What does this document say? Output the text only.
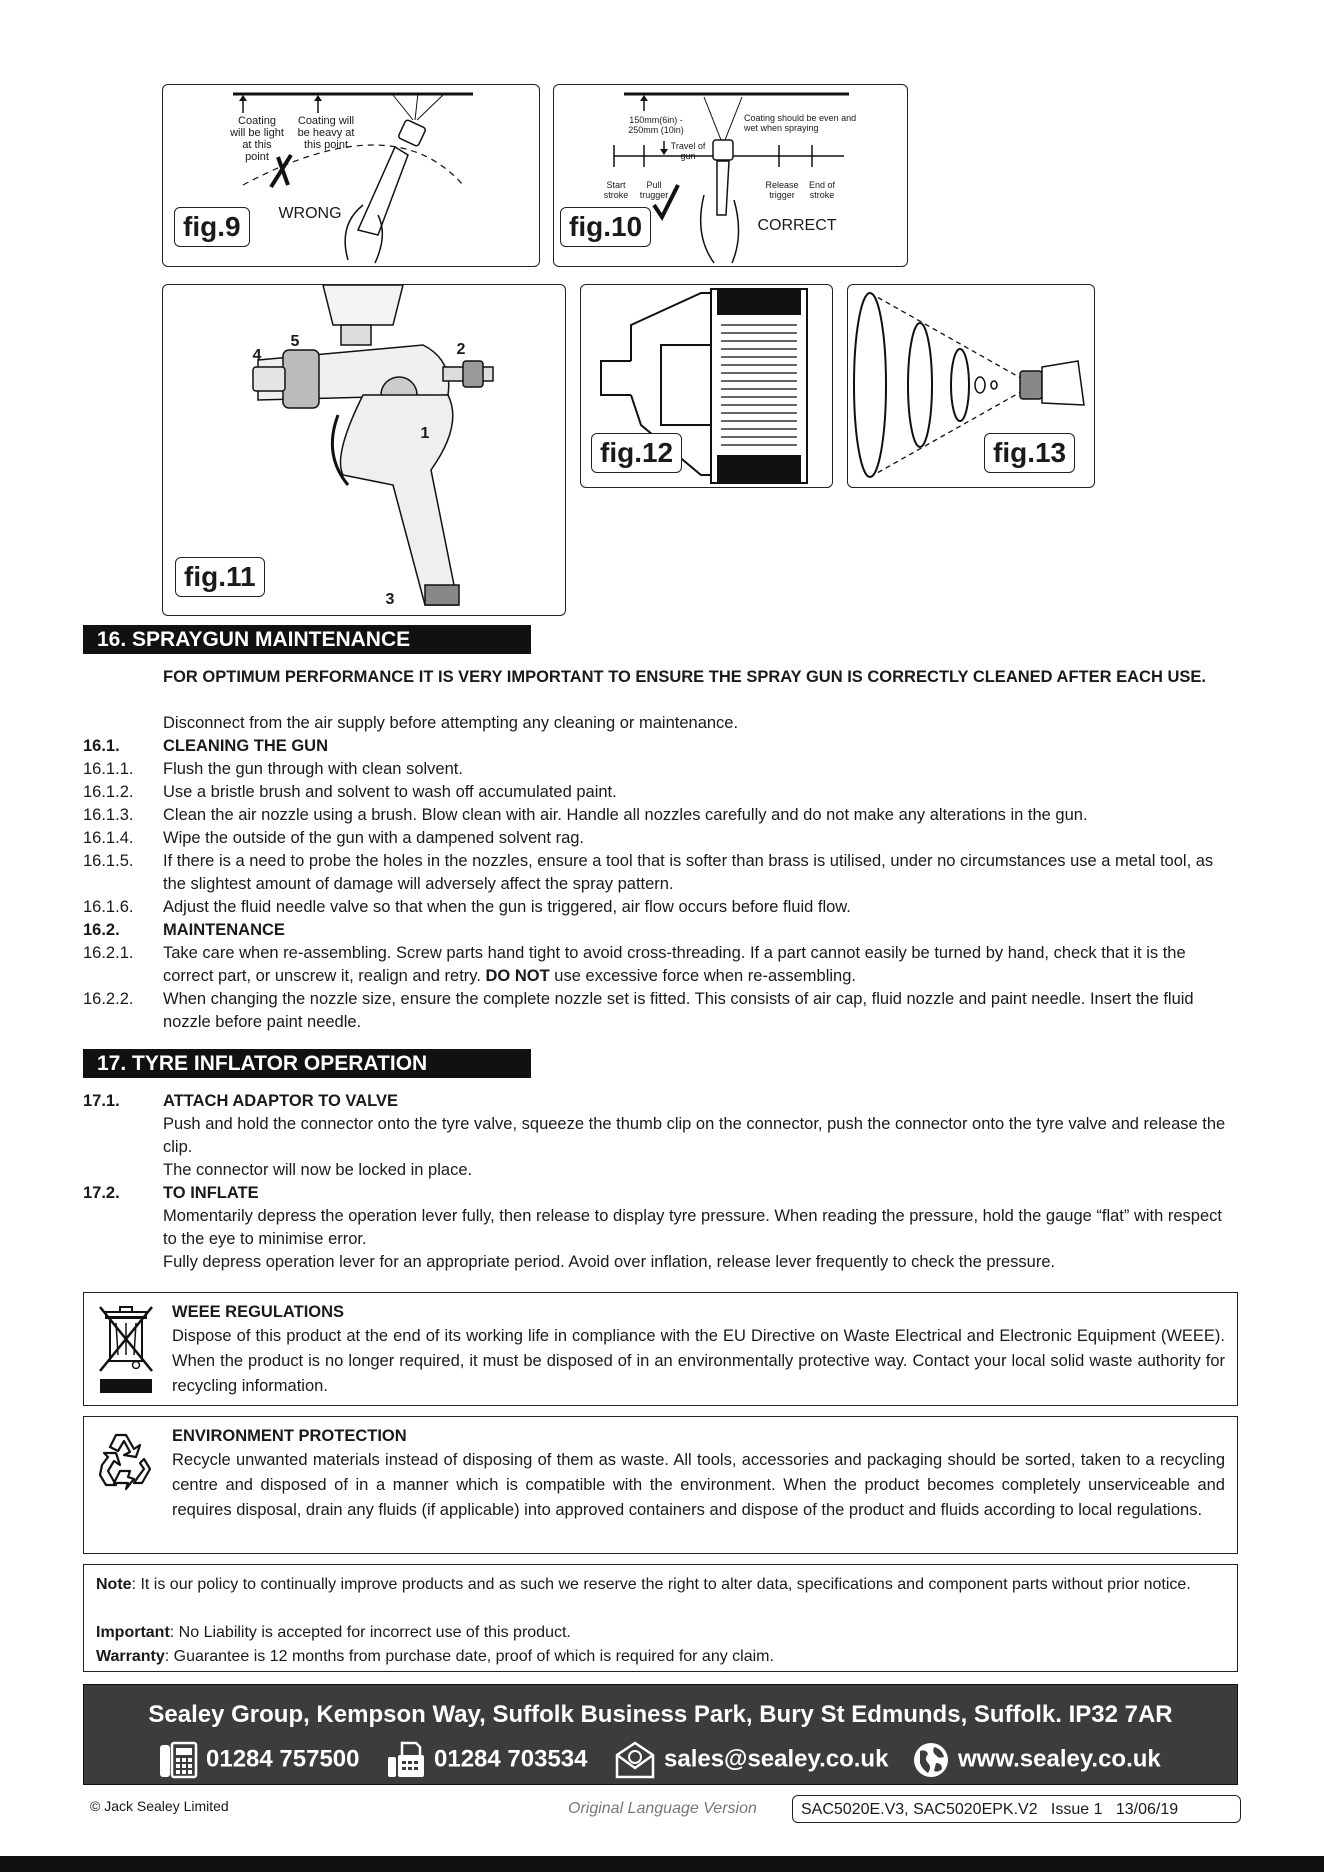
Coating will be light at this point
Coating will be heavy at this point
WRONG
fig.9
150mm(6in) - 250mm (10in)
Travel of gun
Coating should be even and wet when spraying
Start stroke
Pull trugger
Release trigger
End of stroke
CORRECT
fig.10
1
2
3
4
5
fig.11
fig.12	fig.13
16. SPRAYGUN MAINTENANCE
FOR OPTIMUM PERFORMANCE IT IS VERY IMPORTANT TO ENSURE THE SPRAY GUN IS CORRECTLY CLEANED AFTER EACH USE.
Disconnect from the air supply before attempting any cleaning or maintenance.
16.1.	CLEANING THE GUN
16.1.1. Flush the gun through with clean solvent.
16.1.2. Use a bristle brush and solvent to wash off accumulated paint.
16.1.3. Clean the air nozzle using a brush. Blow clean with air. Handle all nozzles carefully and do not make any alterations in the gun.
16.1.4. Wipe the outside of the gun with a dampened solvent rag.
16.1.5. If there is a need to probe the holes in the nozzles, ensure a tool that is softer than brass is utilised, under no circumstances use a metal tool, as the slightest amount of damage will adversely affect the spray pattern.
16.1.6. Adjust the fluid needle valve so that when the gun is triggered, air flow occurs before fluid flow.
16.2.	MAINTENANCE
16.2.1. Take care when re-assembling. Screw parts hand tight to avoid cross-threading. If a part cannot easily be turned by hand, check that it is the correct part, or unscrew it, realign and retry. DO NOT use excessive force when re-assembling.
16.2.2. When changing the nozzle size, ensure the complete nozzle set is fitted. This consists of air cap, fluid nozzle and paint needle. Insert the fluid nozzle before paint needle.
17. TYRE INFLATOR OPERATION
17.1.	ATTACH ADAPTOR TO VALVE
Push and hold the connector onto the tyre valve, squeeze the thumb clip on the connector, push the connector onto the tyre valve and release the clip.
The connector will now be locked in place.
17.2.	TO INFLATE
Momentarily depress the operation lever fully, then release to display tyre pressure. When reading the pressure, hold the gauge “flat” with respect to the eye to minimise error.
Fully depress operation lever for an appropriate period. Avoid over inflation, release lever frequently to check the pressure.
WEEE REGULATIONS
Dispose of this product at the end of its working life in compliance with the EU Directive on Waste Electrical and Electronic Equipment (WEEE). When the product is no longer required, it must be disposed of in an environmentally protective way. Contact your local solid waste authority for recycling information.
ENVIRONMENT PROTECTION
Recycle unwanted materials instead of disposing of them as waste. All tools, accessories and packaging should be sorted, taken to a recycling centre and disposed of in a manner which is compatible with the environment. When the product becomes completely unserviceable and requires disposal, drain any fluids (if applicable) into approved containers and dispose of the product and fluids according to local regulations.
Note: It is our policy to continually improve products and as such we reserve the right to alter data, specifications and component parts without prior notice.
Important: No Liability is accepted for incorrect use of this product.
Warranty: Guarantee is 12 months from purchase date, proof of which is required for any claim.
Sealey Group, Kempson Way, Suffolk Business Park, Bury St Edmunds, Suffolk. IP32 7AR
01284 757500	01284 703534	sales@sealey.co.uk	www.sealey.co.uk
© Jack Sealey Limited	Original Language Version	SAC5020E.V3, SAC5020EPK.V2   Issue 1   13/06/19
